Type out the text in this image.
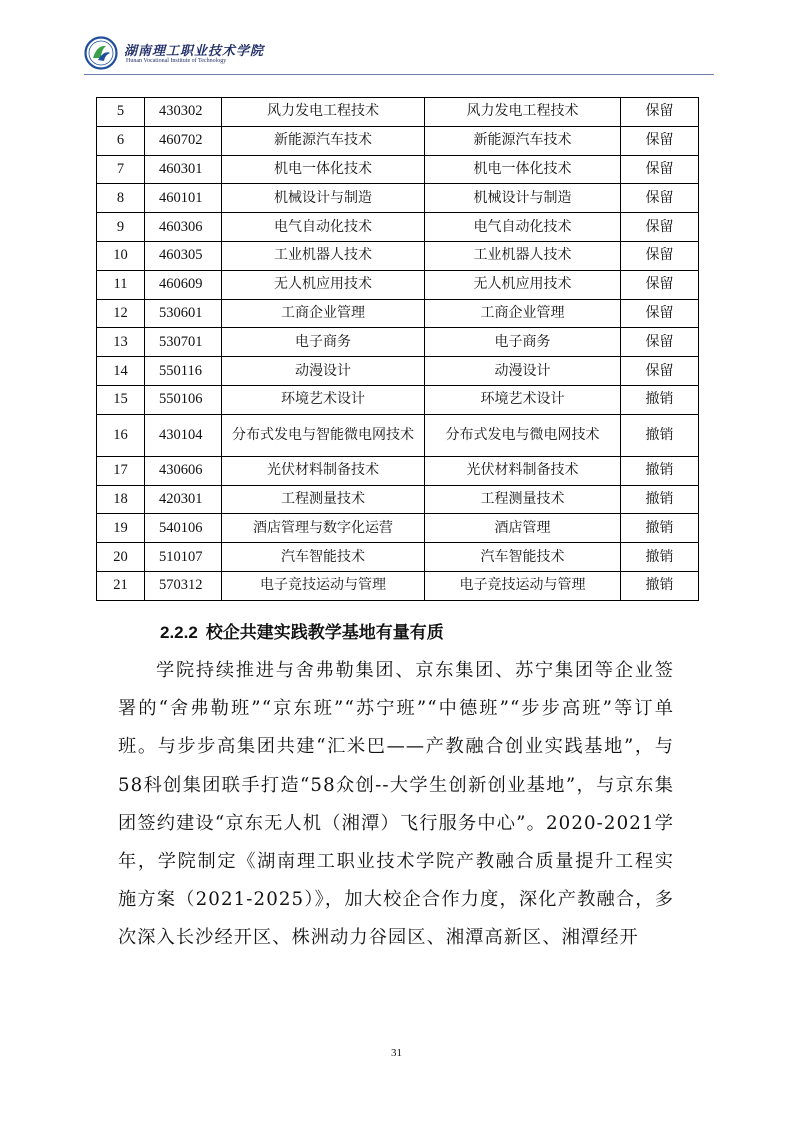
湖南理工职业技术学院
Hunan Vocational Institute of Technology
5	430302	风力发电工程技术	风力发电工程技术	保留
6	460702	新能源汽车技术	新能源汽车技术	保留
7	460301	机电一体化技术	机电一体化技术	保留
8	460101	机械设计与制造	机械设计与制造	保留
9	460306	电气自动化技术	电气自动化技术	保留
10	460305	工业机器人技术	工业机器人技术	保留
11	460609	无人机应用技术	无人机应用技术	保留
12	530601	工商企业管理	工商企业管理	保留
13	530701	电子商务	电子商务	保留
14	550116	动漫设计	动漫设计	保留
15	550106	环境艺术设计	环境艺术设计	撤销
16	430104	分布式发电与智能微电网技术	分布式发电与微电网技术	撤销
17	430606	光伏材料制备技术	光伏材料制备技术	撤销
18	420301	工程测量技术	工程测量技术	撤销
19	540106	酒店管理与数字化运营	酒店管理	撤销
20	510107	汽车智能技术	汽车智能技术	撤销
21	570312	电子竞技运动与管理	电子竞技运动与管理	撤销
2.2.2 校企共建实践教学基地有量有质
学院持续推进与舍弗勒集团、京东集团、苏宁集团等企业签署的“舍弗勒班”“京东班”“苏宁班”“中德班”“步步高班”等订单班。与步步高集团共建“汇米巴——产教融合创业实践基地”，与58科创集团联手打造“58众创--大学生创新创业基地”，与京东集团签约建设“京东无人机（湘潭）飞行服务中心”。2020-2021学年，学院制定《湖南理工职业技术学院产教融合质量提升工程实施方案（2021-2025）》，加大校企合作力度，深化产教融合，多次深入长沙经开区、株洲动力谷园区、湘潭高新区、湘潭经开
31
